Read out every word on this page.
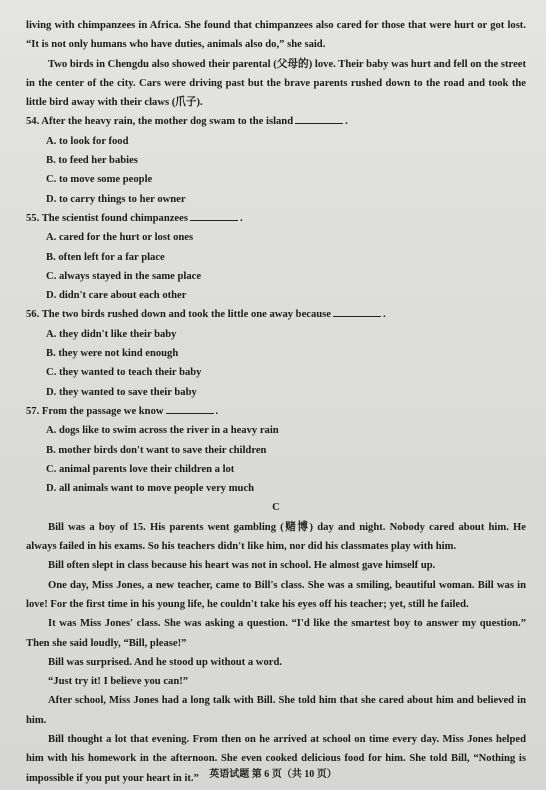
living with chimpanzees in Africa. She found that chimpanzees also cared for those that were hurt or got lost. “It is not only humans who have duties, animals also do,” she said.

Two birds in Chengdu also showed their parental (父母的) love. Their baby was hurt and fell on the street in the center of the city. Cars were driving past but the brave parents rushed down to the road and took the little bird away with their claws (爪子).

54. After the heavy rain, the mother dog swam to the island	.

A. to look for food
B. to feed her babies
C. to move some people
D. to carry things to her owner

55. The scientist found chimpanzees	.

A. cared for the hurt or lost ones
B. often left for a far place
C. always stayed in the same place
D. didn't care about each other

56. The two birds rushed down and took the little one away because	.

A. they didn't like their baby
B. they were not kind enough
C. they wanted to teach their baby
D. they wanted to save their baby

57. From the passage we know	.

A. dogs like to swim across the river in a heavy rain
B. mother birds don't want to save their children
C. animal parents love their children a lot
D. all animals want to move people very much

C

Bill was a boy of 15. His parents went gambling (赌博) day and night. Nobody cared about him. He always failed in his exams. So his teachers didn't like him, nor did his classmates play with him.

Bill often slept in class because his heart was not in school. He almost gave himself up.

One day, Miss Jones, a new teacher, came to Bill's class. She was a smiling, beautiful woman. Bill was in love! For the first time in his young life, he couldn't take his eyes off his teacher; yet, still he failed.

It was Miss Jones' class. She was asking a question. “I'd like the smartest boy to answer my question.” Then she said loudly, “Bill, please!”

Bill was surprised. And he stood up without a word.

“Just try it! I believe you can!”

After school, Miss Jones had a long talk with Bill. She told him that she cared about him and believed in him.

Bill thought a lot that evening. From then on he arrived at school on time every day. Miss Jones helped him with his homework in the afternoon. She even cooked delicious food for him. She told Bill, “Nothing is impossible if you put your heart in it.”	英语试题 第 6 页（共 10 页）
